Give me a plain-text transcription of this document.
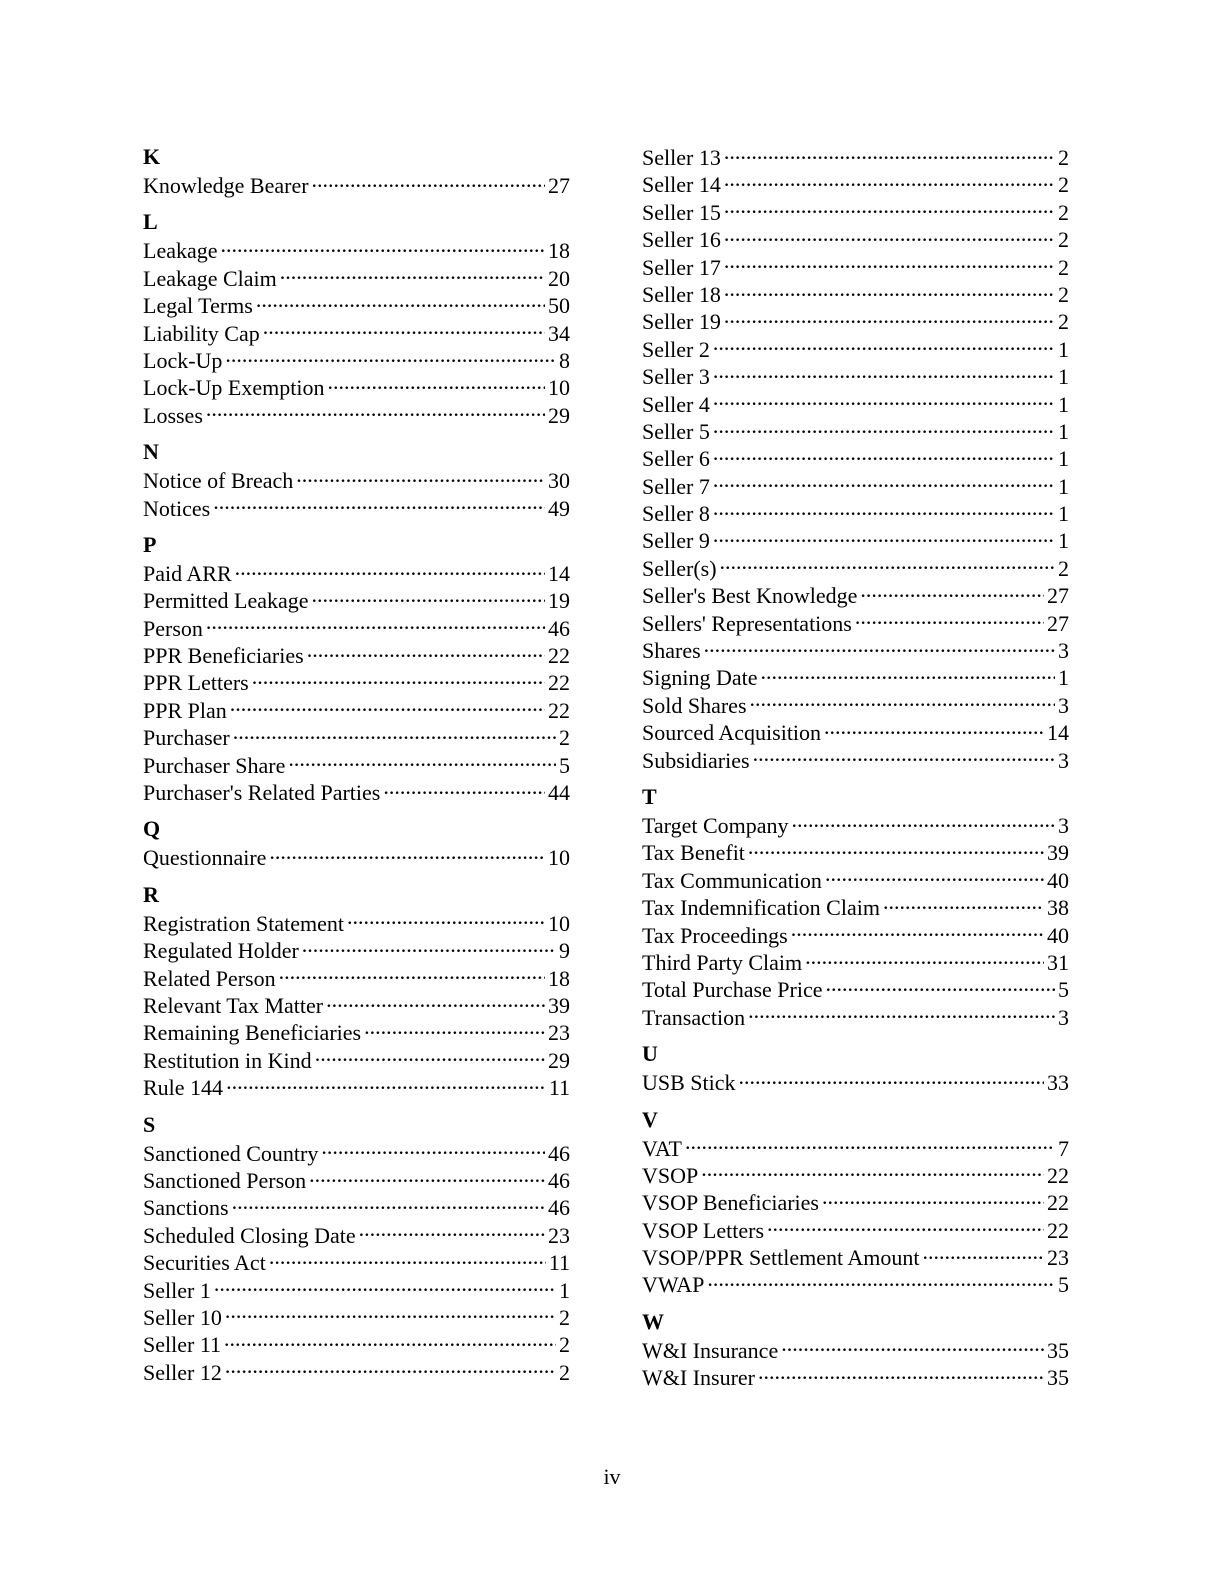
K
Knowledge Bearer .....	27
L
Leakage .....	18
Leakage Claim .....	20
Legal Terms .....	50
Liability Cap .....	34
Lock-Up .....	8
Lock-Up Exemption .....	10
Losses .....	29
N
Notice of Breach .....	30
Notices .....	49
P
Paid ARR .....	14
Permitted Leakage .....	19
Person .....	46
PPR Beneficiaries .....	22
PPR Letters .....	22
PPR Plan .....	22
Purchaser .....	2
Purchaser Share .....	5
Purchaser's Related Parties .....	44
Q
Questionnaire .....	10
R
Registration Statement .....	10
Regulated Holder .....	9
Related Person .....	18
Relevant Tax Matter .....	39
Remaining Beneficiaries .....	23
Restitution in Kind .....	29
Rule 144 .....	11
S
Sanctioned Country .....	46
Sanctioned Person .....	46
Sanctions .....	46
Scheduled Closing Date .....	23
Securities Act .....	11
Seller 1 .....	1
Seller 10 .....	2
Seller 11 .....	2
Seller 12 .....	2
Seller 13 .....	2
Seller 14 .....	2
Seller 15 .....	2
Seller 16 .....	2
Seller 17 .....	2
Seller 18 .....	2
Seller 19 .....	2
Seller 2 .....	1
Seller 3 .....	1
Seller 4 .....	1
Seller 5 .....	1
Seller 6 .....	1
Seller 7 .....	1
Seller 8 .....	1
Seller 9 .....	1
Seller(s) .....	2
Seller's Best Knowledge .....	27
Sellers' Representations .....	27
Shares .....	3
Signing Date .....	1
Sold Shares .....	3
Sourced Acquisition .....	14
Subsidiaries .....	3
T
Target Company .....	3
Tax Benefit .....	39
Tax Communication .....	40
Tax Indemnification Claim .....	38
Tax Proceedings .....	40
Third Party Claim .....	31
Total Purchase Price .....	5
Transaction .....	3
U
USB Stick .....	33
V
VAT .....	7
VSOP .....	22
VSOP Beneficiaries .....	22
VSOP Letters .....	22
VSOP/PPR Settlement Amount .....	23
VWAP .....	5
W
W&I Insurance .....	35
W&I Insurer .....	35
iv
